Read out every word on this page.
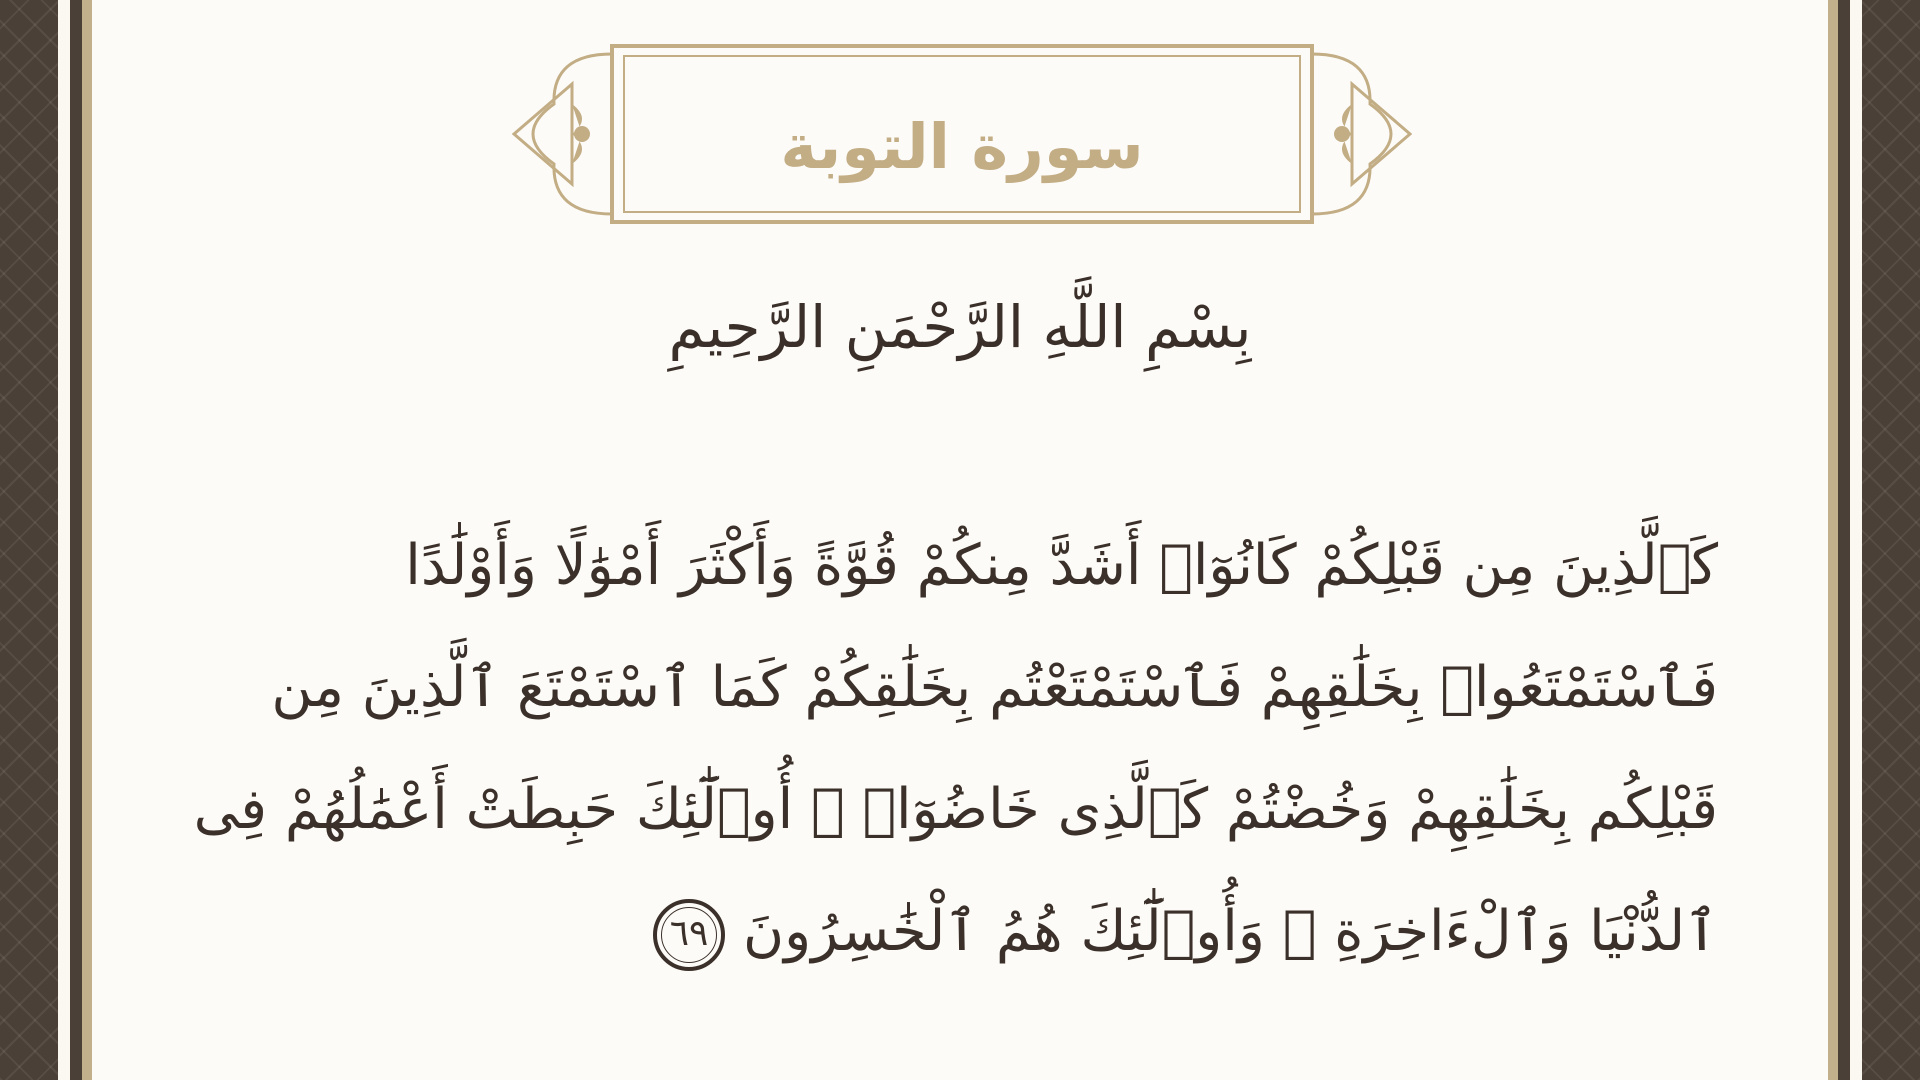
سورة التوبة
بِسْمِ اللَّهِ الرَّحْمَنِ الرَّحِيمِ
كَٱلَّذِينَ مِن قَبْلِكُمْ كَانُوٓا۟ أَشَدَّ مِنكُمْ قُوَّةً وَأَكْثَرَ أَمْوَٰلًا وَأَوْلَٰدًا
فَٱسْتَمْتَعُوا۟ بِخَلَٰقِهِمْ فَٱسْتَمْتَعْتُم بِخَلَٰقِكُمْ كَمَا ٱسْتَمْتَعَ ٱلَّذِينَ مِن
قَبْلِكُم بِخَلَٰقِهِمْ وَخُضْتُمْ كَٱلَّذِى خَاضُوٓا۟ ۚ أُو۟لَٰٓئِكَ حَبِطَتْ أَعْمَٰلُهُمْ فِى
ٱلدُّنْيَا وَٱلْءَاخِرَةِ ۖ وَأُو۟لَٰٓئِكَ هُمُ ٱلْخَٰسِرُونَ٦٩
